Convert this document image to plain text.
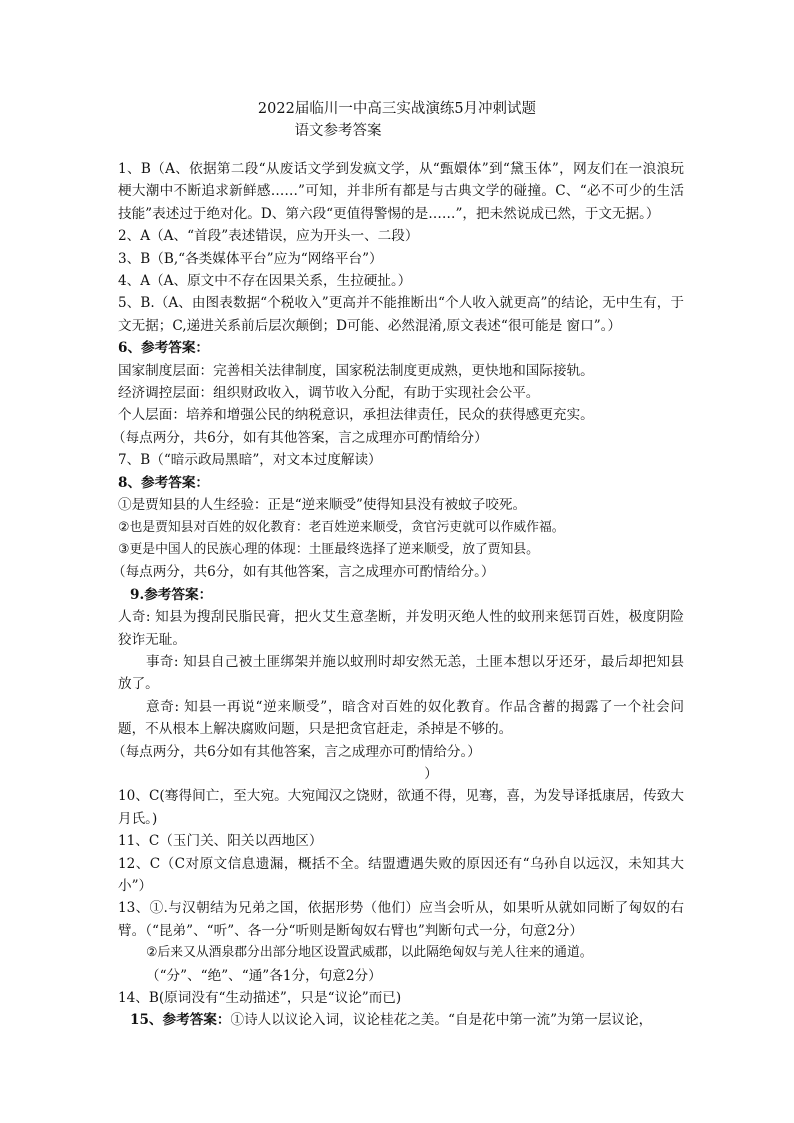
2022届临川一中高三实战演练5月冲刺试题
语文参考答案

1、B（A、依据第二段“从废话文学到发疯文学，从“甄嬛体”到“黛玉体”，网友们在一浪浪玩梗大潮中不断追求新鲜感……”可知，并非所有都是与古典文学的碰撞。C、“必不可少的生活技能”表述过于绝对化。D、第六段“更值得警惕的是……”，把未然说成已然，于文无据。）

2、A（A、“首段”表述错误，应为开头一、二段）

3、B（B,“各类媒体平台”应为“网络平台”）

4、A（A、原文中不存在因果关系，生拉硬扯。）

5、B.（A、由图表数据“个税收入”更高并不能推断出“个人收入就更高”的结论，无中生有，于文无据；C,递进关系前后层次颠倒；D可能、必然混淆,原文表述“很可能是 窗口”。）

6、参考答案：

国家制度层面：完善相关法律制度，国家税法制度更成熟，更快地和国际接轨。

经济调控层面：组织财政收入，调节收入分配，有助于实现社会公平。

个人层面：培养和增强公民的纳税意识，承担法律责任，民众的获得感更充实。

（每点两分，共6分，如有其他答案，言之成理亦可酌情给分）

7、B（“暗示政局黑暗”，对文本过度解读）

8、参考答案：

①是贾知县的人生经验：正是“逆来顺受”使得知县没有被蚊子咬死。

②也是贾知县对百姓的奴化教育：老百姓逆来顺受，贪官污吏就可以作威作福。

③更是中国人的民族心理的体现：土匪最终选择了逆来顺受，放了贾知县。

（每点两分，共6分，如有其他答案，言之成理亦可酌情给分。）

9.参考答案：

人奇: 知县为搜刮民脂民膏，把火艾生意垄断，并发明灭绝人性的蚊刑来惩罚百姓，极度阴险狡诈无耻。

事奇: 知县自己被土匪绑架并施以蚊刑时却安然无恙，土匪本想以牙还牙，最后却把知县放了。

意奇: 知县一再说“逆来顺受”，暗含对百姓的奴化教育。作品含蓄的揭露了一个社会问题，不从根本上解决腐败问题，只是把贪官赶走，杀掉是不够的。

（每点两分，共6分如有其他答案，言之成理亦可酌情给分。）

）

10、C(骞得间亡，至大宛。大宛闻汉之饶财，欲通不得，见骞，喜，为发导译抵康居，传致大月氏。)

11、C（玉门关、阳关以西地区）

12、C（C对原文信息遗漏，概括不全。结盟遭遇失败的原因还有“乌孙自以远汉，未知其大小”）

13、①.与汉朝结为兄弟之国，依据形势（他们）应当会听从，如果听从就如同断了匈奴的右臂。（“昆弟”、“听”、各一分“听则是断匈奴右臂也”判断句式一分，句意2分）

②后来又从酒泉郡分出部分地区设置武威郡，以此隔绝匈奴与羌人往来的通道。

（“分”、“绝”、“通”各1分，句意2分）

14、B(原词没有“生动描述”，只是“议论”而已)

15、参考答案：①诗人以议论入词，议论桂花之美。“自是花中第一流”为第一层议论，
